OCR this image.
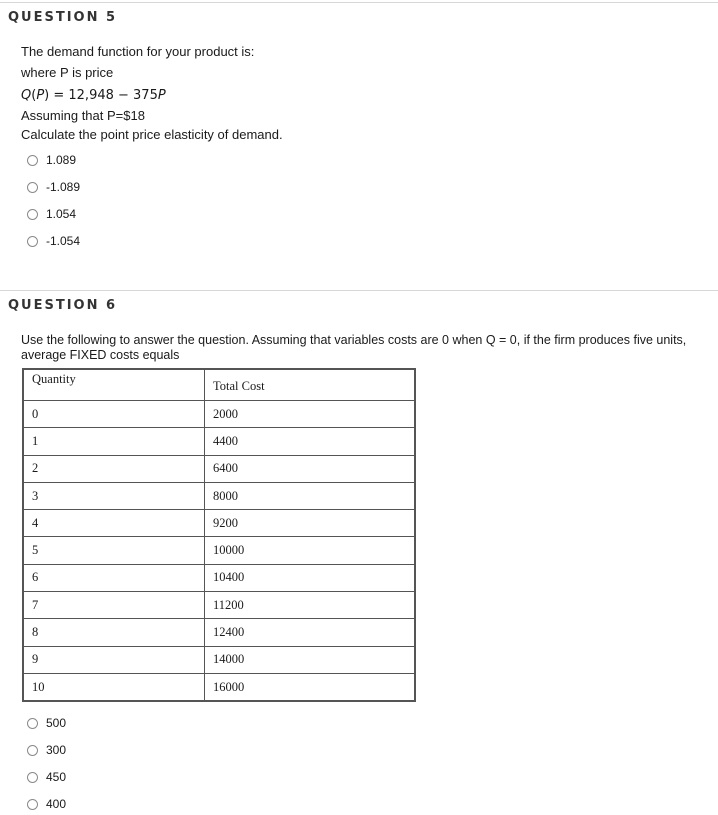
QUESTION 5
The demand function for your product is:
where P is price
Q(P) = 12,948 − 375P
Assuming that P=$18
Calculate the point price elasticity of demand.
1.089
-1.089
1.054
-1.054
QUESTION 6
Use the following to answer the question. Assuming that variables costs are 0 when Q = 0, if the firm produces five units,
average FIXED costs equals
Quantity	Total Cost
0	2000
1	4400
2	6400
3	8000
4	9200
5	10000
6	10400
7	11200
8	12400
9	14000
10	16000
500
300
450
400
